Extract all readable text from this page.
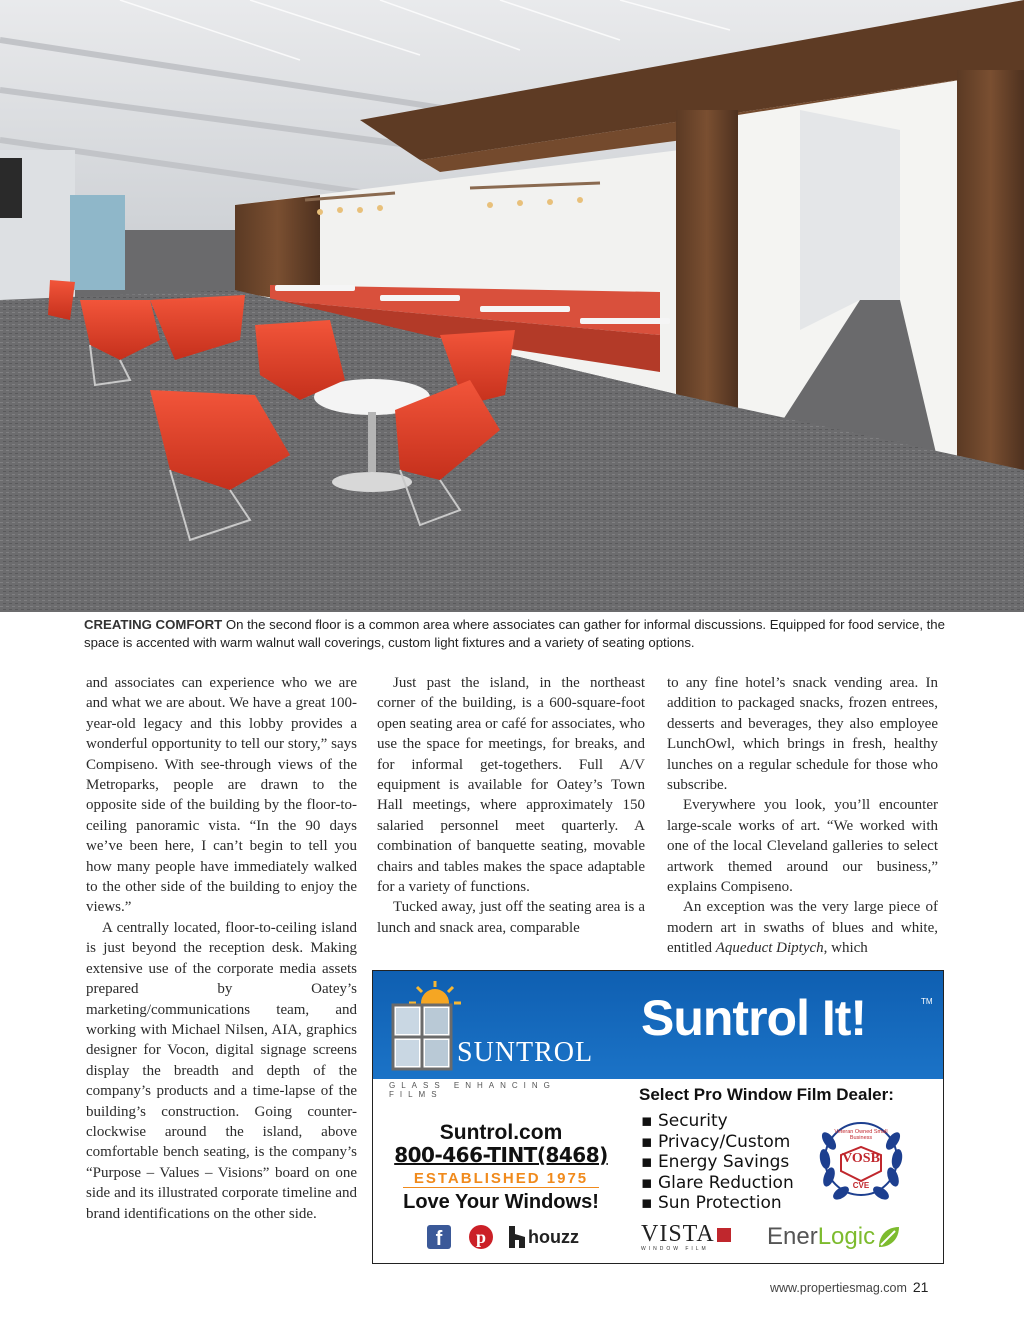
CREATING COMFORT On the second floor is a common area where associates can gather for informal discussions. Equipped for food service, the space is accented with warm walnut wall coverings, custom light fixtures and a variety of seating options.

and associates can experience who we are and what we are about. We have a great 100-year-old legacy and this lobby provides a wonderful opportunity to tell our story,” says Compiseno. With see-through views of the Metroparks, people are drawn to the opposite side of the building by the floor-to-ceiling panoramic vista. “In the 90 days we’ve been here, I can’t begin to tell you how many people have immediately walked to the other side of the building to enjoy the views.”

A centrally located, floor-to-ceiling island is just beyond the reception desk. Making extensive use of the corporate media assets prepared by Oatey’s marketing/communications team, and working with Michael Nilsen, AIA, graphics designer for Vocon, digital signage screens display the breadth and depth of the company’s products and a time-lapse of the building’s construction. Going counter-clockwise around the island, above comfortable bench seating, is the company’s “Purpose – Values – Visions” board on one side and its illustrated corporate timeline and brand identifications on the other side.

Just past the island, in the northeast corner of the building, is a 600-square-foot open seating area or café for associates, who use the space for meetings, for breaks, and for informal get-togethers. Full A/V equipment is available for Oatey’s Town Hall meetings, where approximately 150 salaried personnel meet quarterly. A combination of banquette seating, movable chairs and tables makes the space adaptable for a variety of functions.

Tucked away, just off the seating area is a lunch and snack area, comparable

to any fine hotel’s snack vending area. In addition to packaged snacks, frozen entrees, desserts and beverages, they also employee LunchOwl, which brings in fresh, healthy lunches on a regular schedule for those who subscribe.

Everywhere you look, you’ll encounter large-scale works of art. “We worked with one of the local Cleveland galleries to select artwork themed around our business,” explains Compiseno.

An exception was the very large piece of modern art in swaths of blues and white, entitled Aqueduct Diptych, which

SUNTROL
GLASS ENHANCING FILMS
Suntrol It!	TM
Select Pro Window Film Dealer:
▪ Security
▪ Privacy/Custom
▪ Energy Savings
▪ Glare Reduction
▪ Sun Protection
Veteran Owned Small Business
VOSB
CVE
Suntrol.com
800-466-TINT(8468)
ESTABLISHED 1975
Love Your Windows!
f	p	houzz	VISTA
WINDOW FILM	Ener Logic
www.propertiesmag.com 21
